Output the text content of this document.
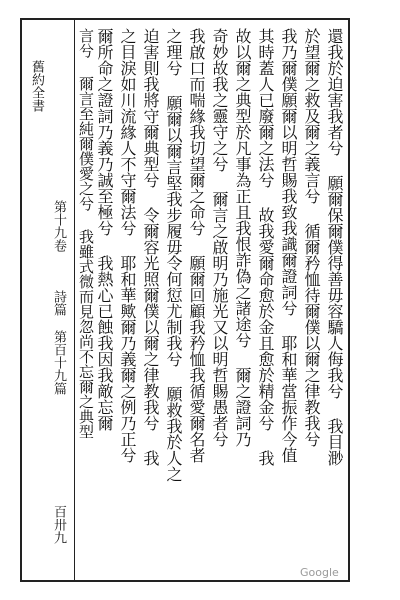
還我於迫害我者兮 願爾保爾僕得善毋容驕人侮我兮 我目渺
於望爾之救及爾之義言兮 循爾矜恤待爾僕以爾之律教我兮
我乃爾僕願爾以明哲賜我致我識爾證詞兮 耶和華當振作今值
其時蓋人已廢爾之法兮 故我愛爾命愈於金且愈於精金兮 我
故以爾之典型於凡事為正且我恨詐偽之諸途兮 爾之證詞乃
奇妙故我之靈守之兮 爾言之啟明乃施光又以明哲賜愚者兮
我啟口而喘緣我切望爾之命兮 願爾回顧我矜恤我循愛爾名者
之理兮 願爾以爾言堅我步履毋令何愆尤制我兮 願救我於人之
迫害則我將守爾典型兮 令爾容光照爾僕以爾之律教我兮 我
之目淚如川流緣人不守爾法兮 耶和華歟爾乃義爾之例乃正兮
爾所命之證詞乃義乃誠至極兮 我熱心已蝕我因我敵忘爾
言兮 爾言至純爾僕愛之兮 我雖式微而見忽尚不忘爾之典型
舊約全書
第十九卷
詩篇
第百十九篇
百卅九
Google
